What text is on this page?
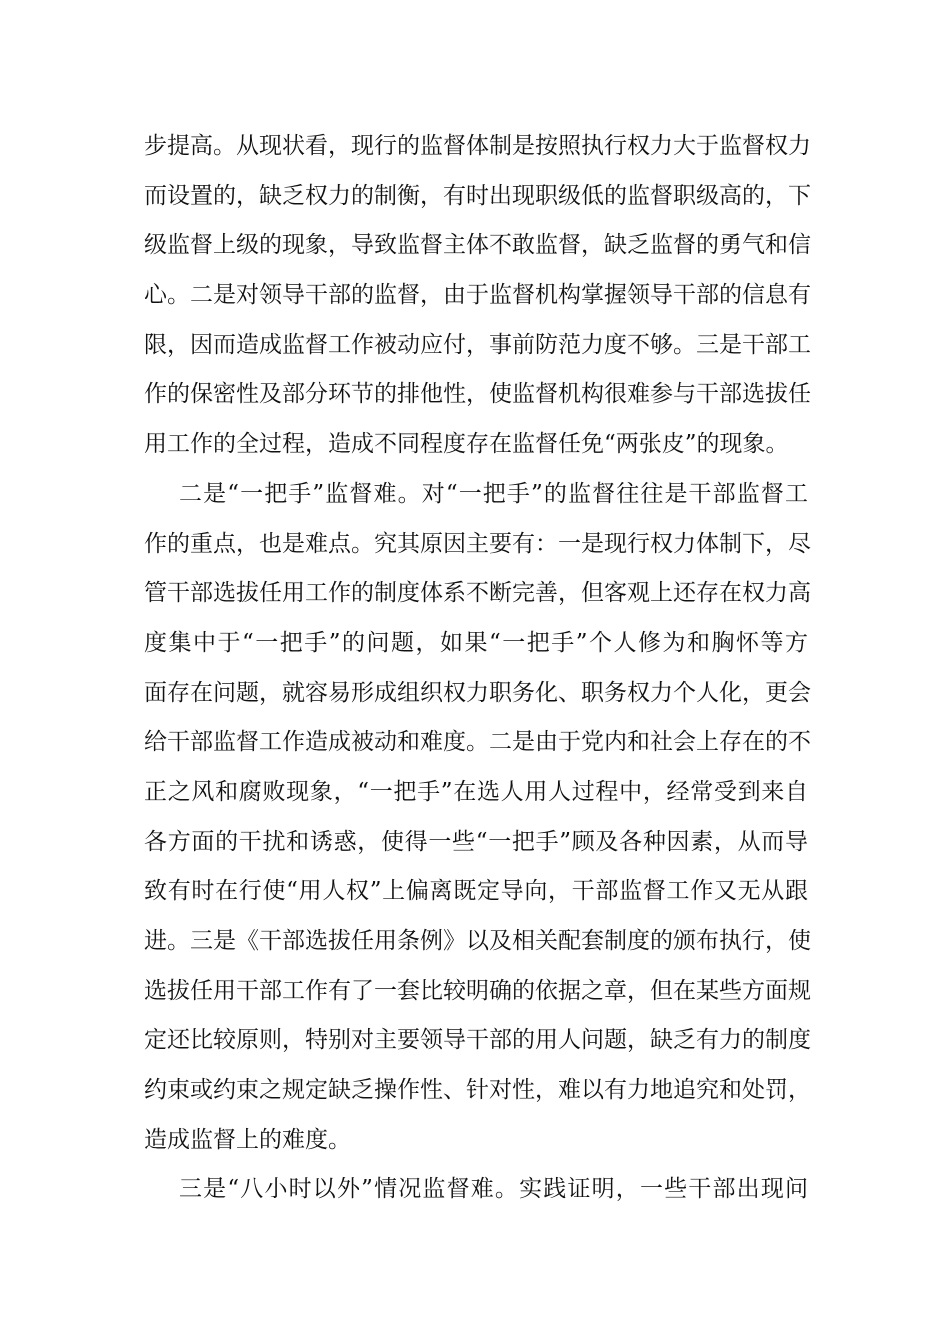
步提高。从现状看，现行的监督体制是按照执行权力大于监督权力
而设置的，缺乏权力的制衡，有时出现职级低的监督职级高的，下
级监督上级的现象，导致监督主体不敢监督，缺乏监督的勇气和信
心。二是对领导干部的监督，由于监督机构掌握领导干部的信息有
限，因而造成监督工作被动应付，事前防范力度不够。三是干部工
作的保密性及部分环节的排他性，使监督机构很难参与干部选拔任
用工作的全过程，造成不同程度存在监督任免“两张皮”的现象。
二是“一把手”监督难。对“一把手”的监督往往是干部监督工
作的重点，也是难点。究其原因主要有：一是现行权力体制下，尽
管干部选拔任用工作的制度体系不断完善，但客观上还存在权力高
度集中于“一把手”的问题，如果“一把手”个人修为和胸怀等方
面存在问题，就容易形成组织权力职务化、职务权力个人化，更会
给干部监督工作造成被动和难度。二是由于党内和社会上存在的不
正之风和腐败现象，“一把手”在选人用人过程中，经常受到来自
各方面的干扰和诱惑，使得一些“一把手”顾及各种因素，从而导
致有时在行使“用人权”上偏离既定导向，干部监督工作又无从跟
进。三是《干部选拔任用条例》以及相关配套制度的颁布执行，使
选拔任用干部工作有了一套比较明确的依据之章，但在某些方面规
定还比较原则，特别对主要领导干部的用人问题，缺乏有力的制度
约束或约束之规定缺乏操作性、针对性，难以有力地追究和处罚，
造成监督上的难度。
三是“八小时以外”情况监督难。实践证明，一些干部出现问
